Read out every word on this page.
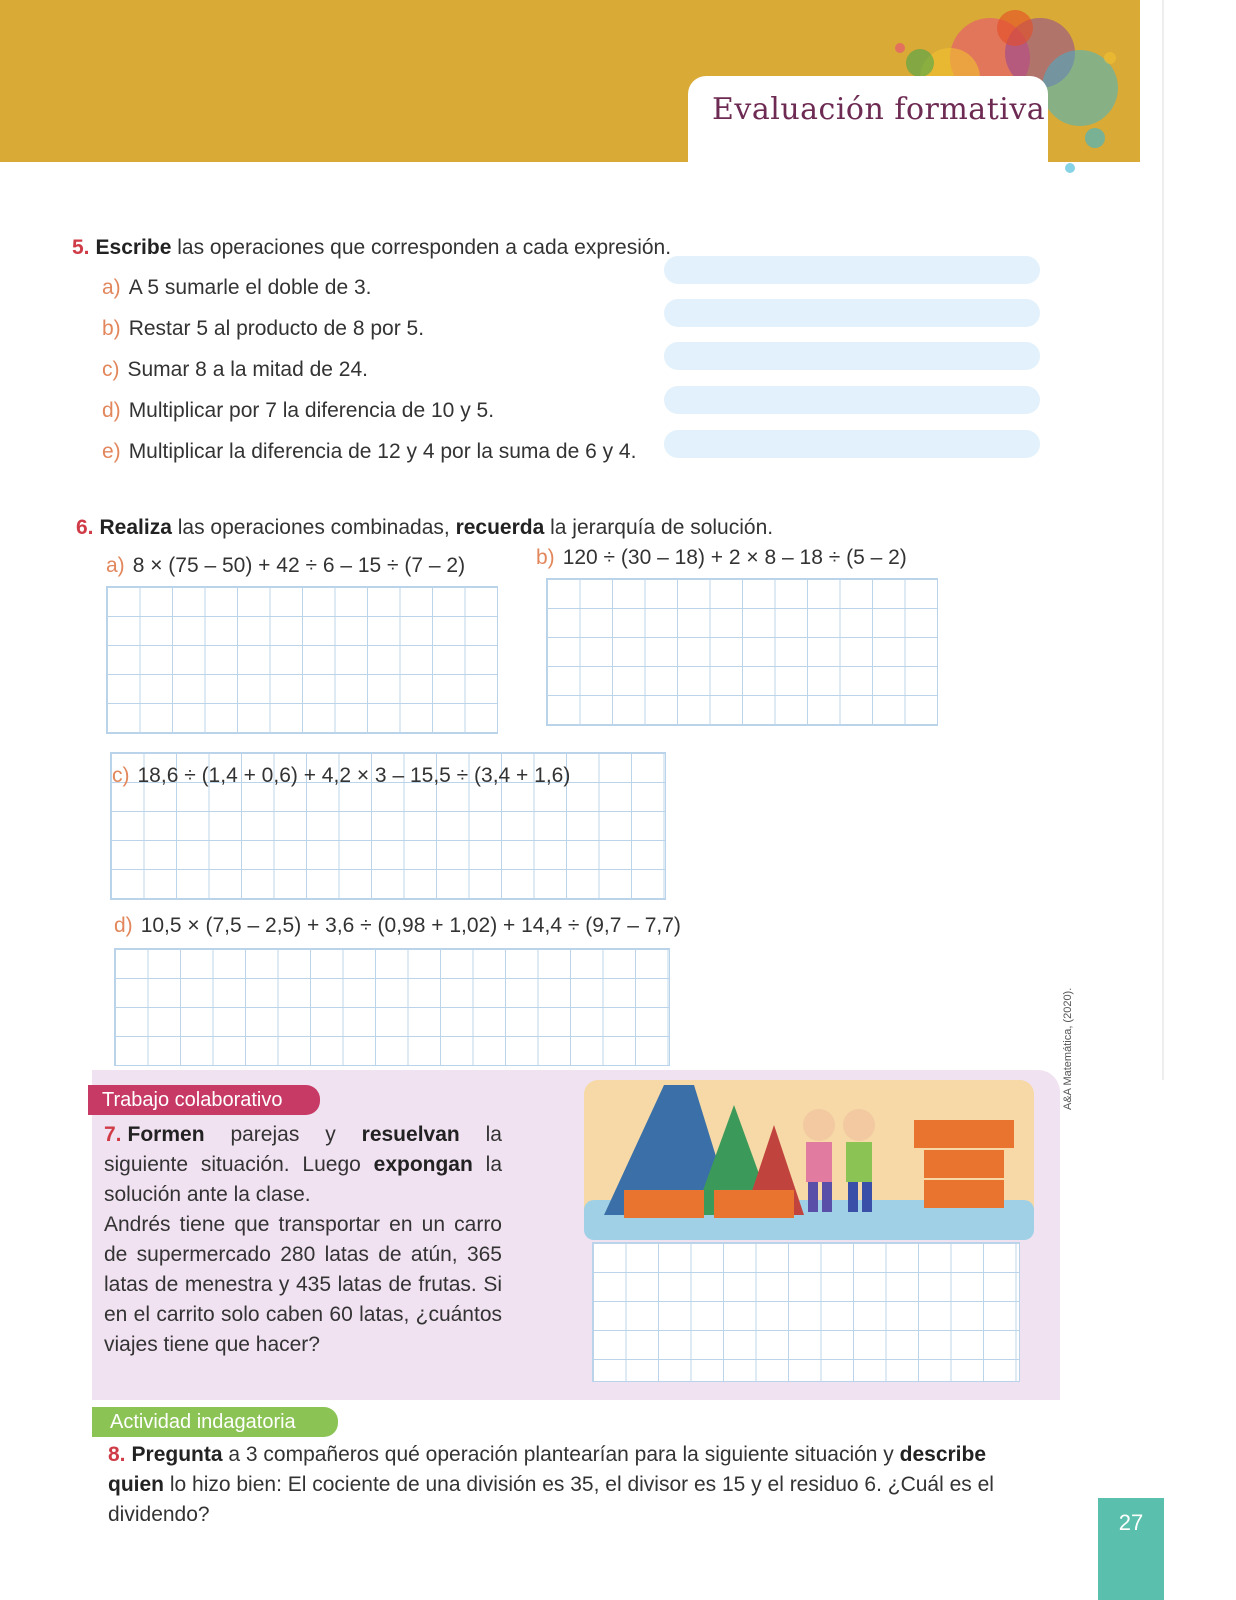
Evaluación formativa
5. Escribe las operaciones que corresponden a cada expresión.
a) A 5 sumarle el doble de 3.
b) Restar 5 al producto de 8 por 5.
c) Sumar 8 a la mitad de 24.
d) Multiplicar por 7 la diferencia de 10 y 5.
e) Multiplicar la diferencia de 12 y 4 por la suma de 6 y 4.
6. Realiza las operaciones combinadas, recuerda la jerarquía de solución.
a) 8 × (75 – 50) + 42 ÷ 6 – 15 ÷ (7 – 2)	b) 120 ÷ (30 – 18) + 2 × 8 – 18 ÷ (5 – 2)
c) 18,6 ÷ (1,4 + 0,6) + 4,2 × 3 – 15,5 ÷ (3,4 + 1,6)
d) 10,5 × (7,5 – 2,5) + 3,6 ÷ (0,98 + 1,02) + 14,4 ÷ (9,7 – 7,7)
Trabajo colaborativo
7. Formen parejas y resuelvan la siguiente situación. Luego expongan la solución ante la clase.
Andrés tiene que transportar en un carro de supermercado 280 latas de atún, 365 latas de menestra y 435 latas de frutas. Si en el carrito solo caben 60 latas, ¿cuántos viajes tiene que hacer?
A&A Matemática, (2020).
Actividad indagatoria
8. Pregunta a 3 compañeros qué operación plantearían para la siguiente situación y describe quien lo hizo bien: El cociente de una división es 35, el divisor es 15 y el residuo 6. ¿Cuál es el dividendo?	27
